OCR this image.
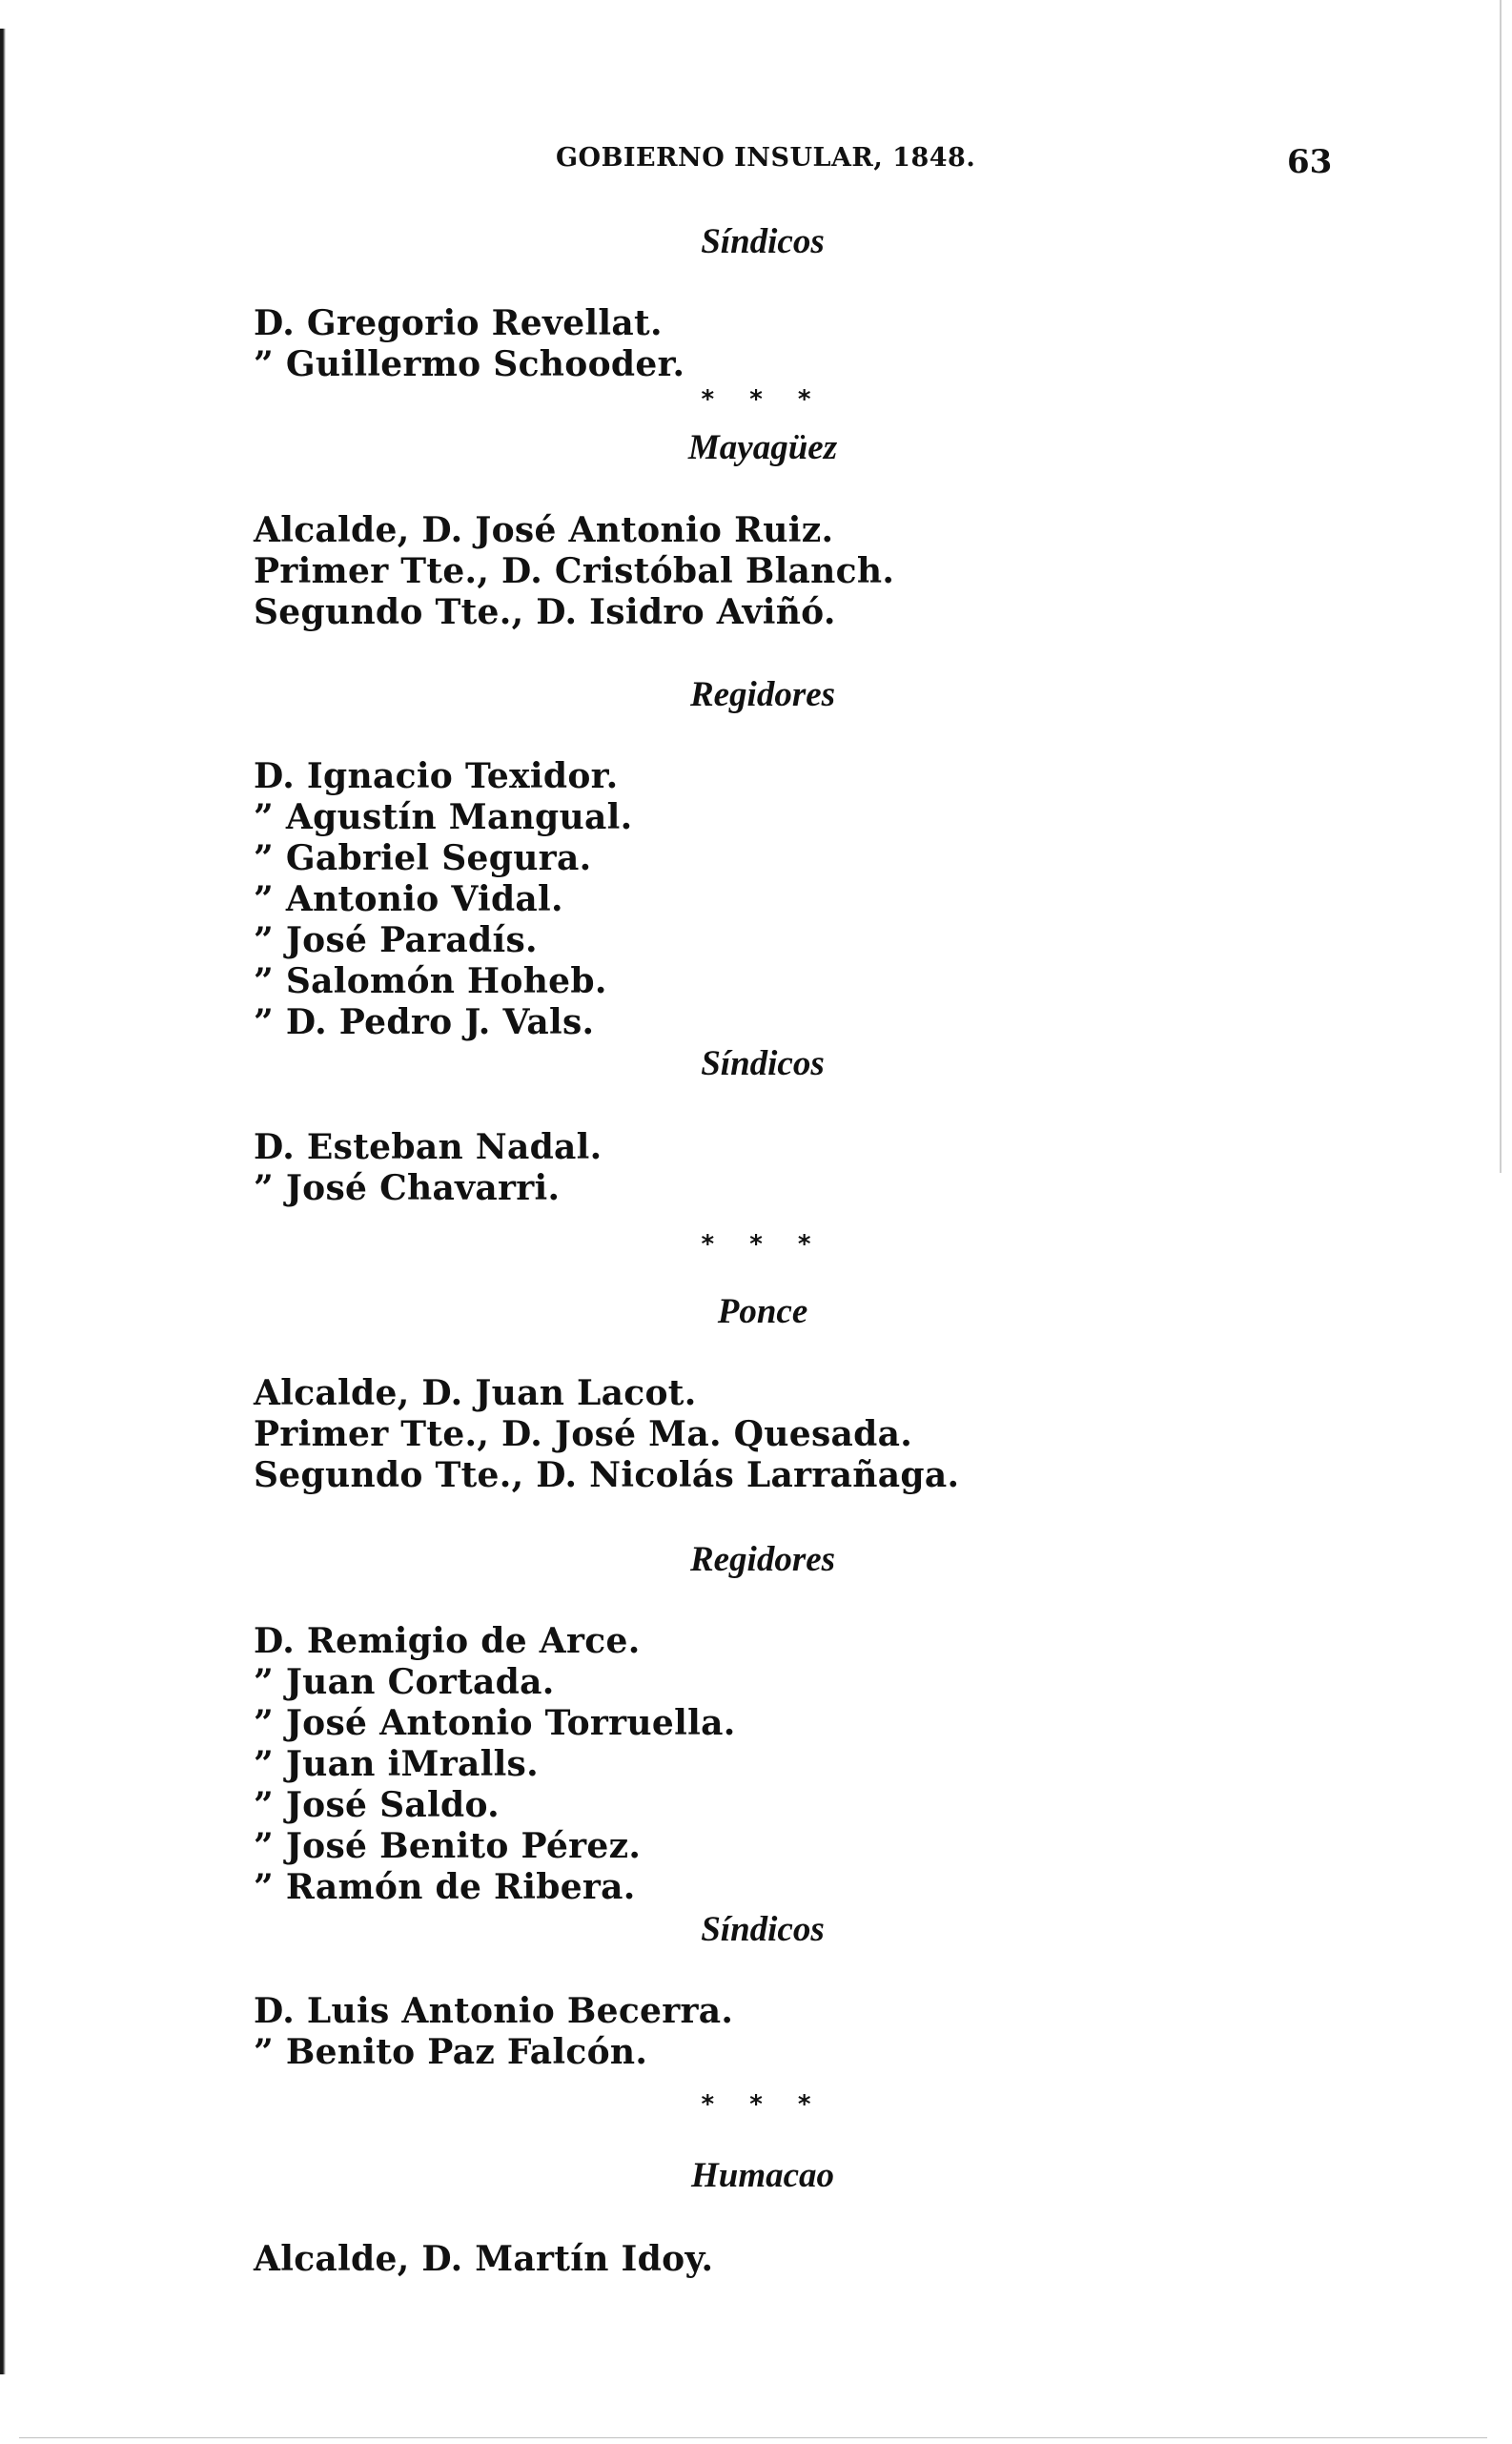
GOBIERNO INSULAR, 1848.	63
Síndicos
D. Gregorio Revellat.
” Guillermo Schooder.
* * *
Mayagüez
Alcalde, D. José Antonio Ruiz.
Primer Tte., D. Cristóbal Blanch.
Segundo Tte., D. Isidro Aviñó.
Regidores
D. Ignacio Texidor.
” Agustín Mangual.
” Gabriel Segura.
” Antonio Vidal.
” José Paradís.
” Salomón Hoheb.
” D. Pedro J. Vals.
Síndicos
D. Esteban Nadal.
” José Chavarri.
* * *
Ponce
Alcalde, D. Juan Lacot.
Primer Tte., D. José Ma. Quesada.
Segundo Tte., D. Nicolás Larrañaga.
Regidores
D. Remigio de Arce.
” Juan Cortada.
” José Antonio Torruella.
” Juan iMralls.
” José Saldo.
” José Benito Pérez.
” Ramón de Ribera.
Síndicos
D. Luis Antonio Becerra.
” Benito Paz Falcón.
* * *
Humacao
Alcalde, D. Martín Idoy.
